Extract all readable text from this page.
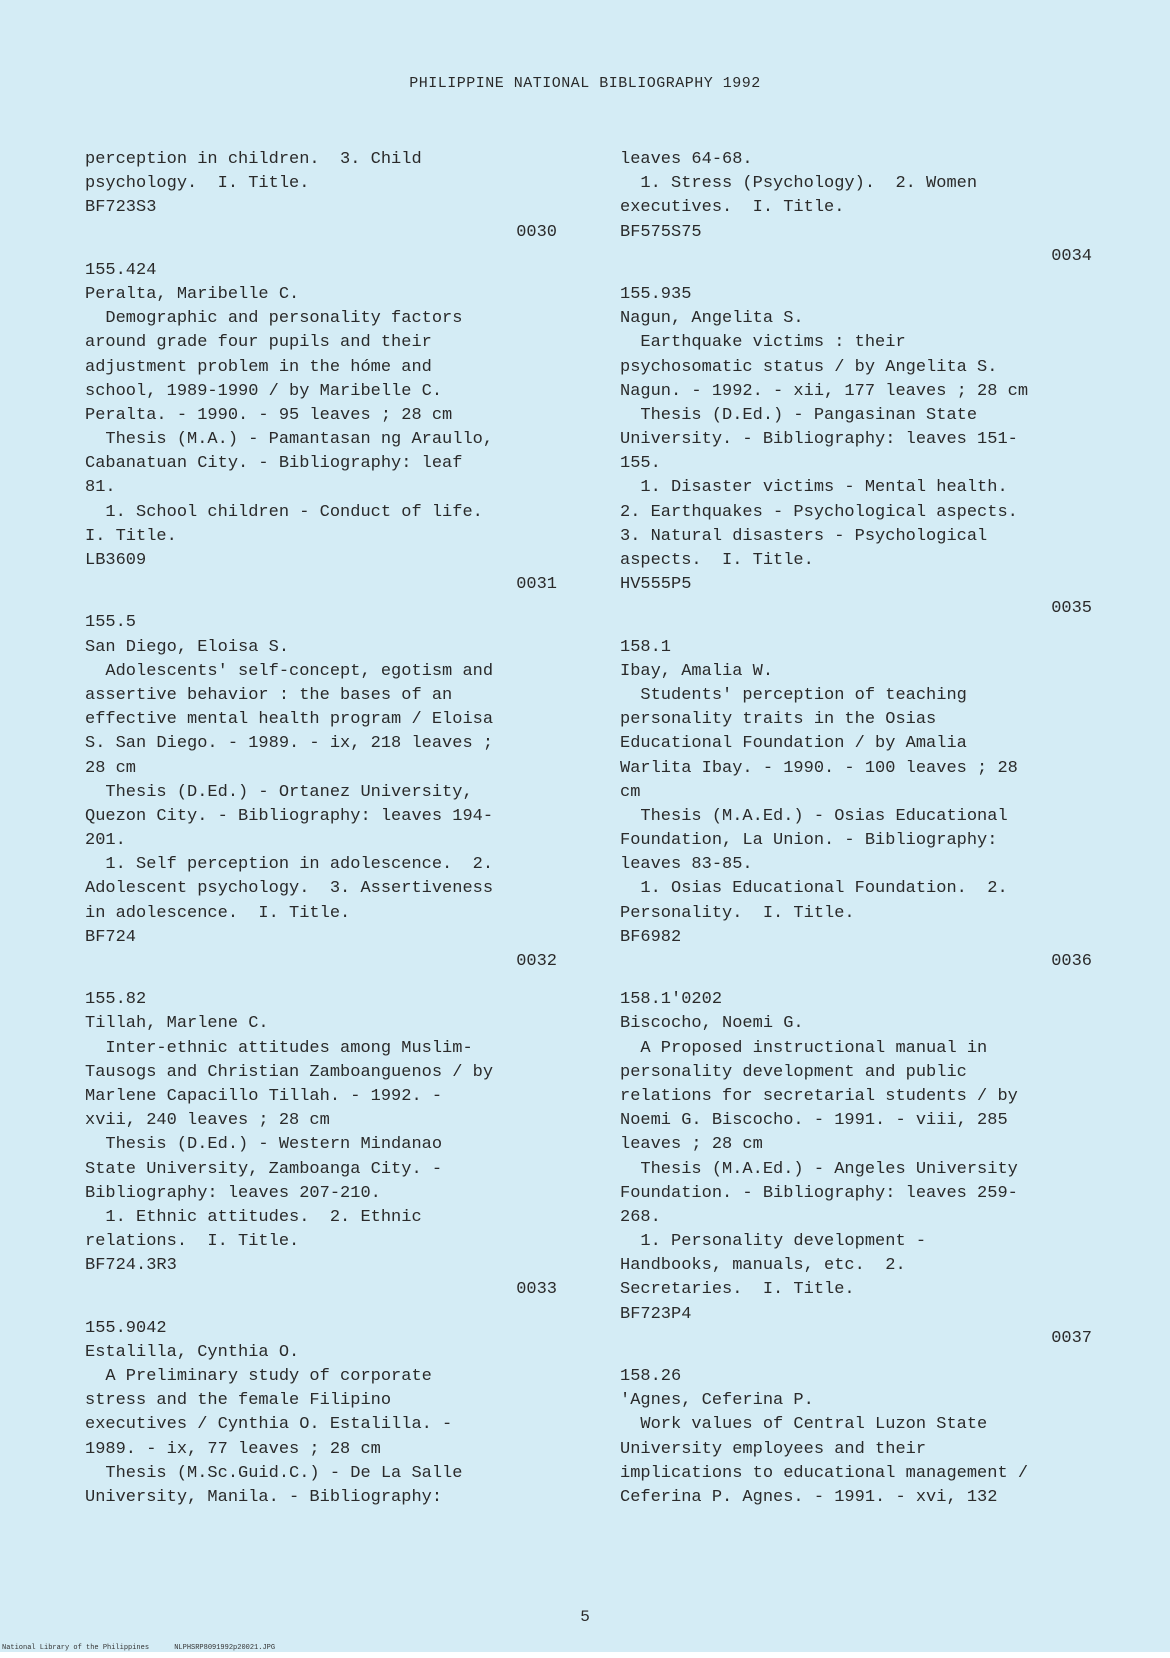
PHILIPPINE NATIONAL BIBLIOGRAPHY 1992
perception in children.  3. Child
psychology.  I. Title.
BF723S3
0030
155.424
Peralta, Maribelle C.
Demographic and personality factors
around grade four pupils and their
adjustment problem in the hóme and
school, 1989-1990 / by Maribelle C.
Peralta. - 1990. - 95 leaves ; 28 cm
Thesis (M.A.) - Pamantasan ng Araullo,
Cabanatuan City. - Bibliography: leaf
81.
1. School children - Conduct of life.
I. Title.
LB3609
0031
155.5
San Diego, Eloisa S.
Adolescents' self-concept, egotism and
assertive behavior : the bases of an
effective mental health program / Eloisa
S. San Diego. - 1989. - ix, 218 leaves ;
28 cm
Thesis (D.Ed.) - Ortanez University,
Quezon City. - Bibliography: leaves 194-
201.
1. Self perception in adolescence.  2.
Adolescent psychology.  3. Assertiveness
in adolescence.  I. Title.
BF724
0032
155.82
Tillah, Marlene C.
Inter-ethnic attitudes among Muslim-
Tausogs and Christian Zamboanguenos / by
Marlene Capacillo Tillah. - 1992. -
xvii, 240 leaves ; 28 cm
Thesis (D.Ed.) - Western Mindanao
State University, Zamboanga City. -
Bibliography: leaves 207-210.
1. Ethnic attitudes.  2. Ethnic
relations.  I. Title.
BF724.3R3
0033
155.9042
Estalilla, Cynthia O.
A Preliminary study of corporate
stress and the female Filipino
executives / Cynthia O. Estalilla. -
1989. - ix, 77 leaves ; 28 cm
Thesis (M.Sc.Guid.C.) - De La Salle
University, Manila. - Bibliography:
leaves 64-68.
1. Stress (Psychology).  2. Women
executives.  I. Title.
BF575S75
0034
155.935
Nagun, Angelita S.
Earthquake victims : their
psychosomatic status / by Angelita S.
Nagun. - 1992. - xii, 177 leaves ; 28 cm
Thesis (D.Ed.) - Pangasinan State
University. - Bibliography: leaves 151-
155.
1. Disaster victims - Mental health.
2. Earthquakes - Psychological aspects.
3. Natural disasters - Psychological
aspects.  I. Title.
HV555P5
0035
158.1
Ibay, Amalia W.
Students' perception of teaching
personality traits in the Osias
Educational Foundation / by Amalia
Warlita Ibay. - 1990. - 100 leaves ; 28
cm
Thesis (M.A.Ed.) - Osias Educational
Foundation, La Union. - Bibliography:
leaves 83-85.
1. Osias Educational Foundation.  2.
Personality.  I. Title.
BF6982
0036
158.1'0202
Biscocho, Noemi G.
A Proposed instructional manual in
personality development and public
relations for secretarial students / by
Noemi G. Biscocho. - 1991. - viii, 285
leaves ; 28 cm
Thesis (M.A.Ed.) - Angeles University
Foundation. - Bibliography: leaves 259-
268.
1. Personality development -
Handbooks, manuals, etc.  2.
Secretaries.  I. Title.
BF723P4
0037
158.26
'Agnes, Ceferina P.
Work values of Central Luzon State
University employees and their
implications to educational management /
Ceferina P. Agnes. - 1991. - xvi, 132
5
National Library of the Philippines      NLPHSRP8091992p20021.JPG
